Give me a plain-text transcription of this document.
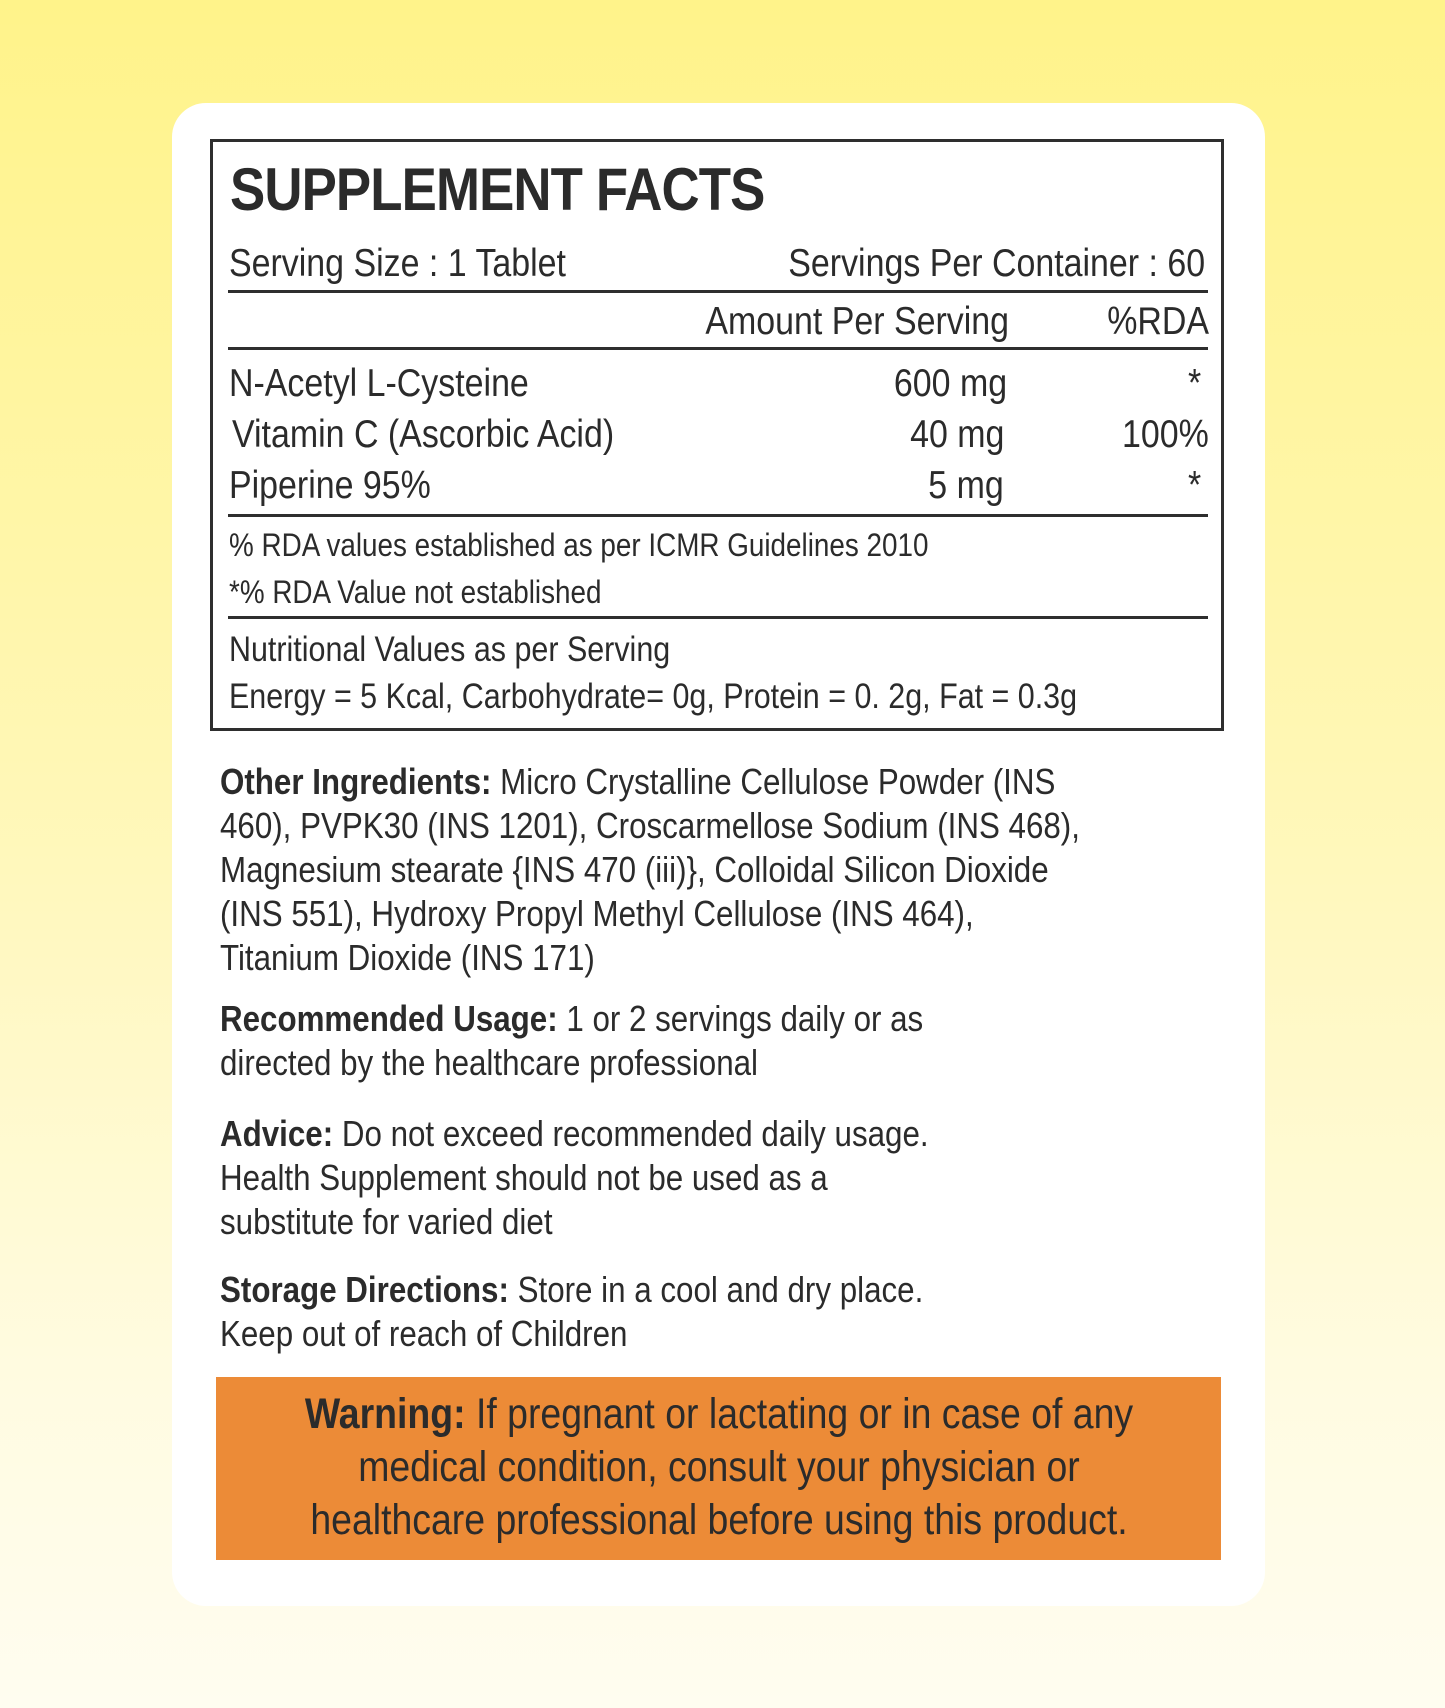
SUPPLEMENT FACTS
Serving Size : 1 Tablet	Servings Per Container : 60
Amount Per Serving	%RDA
N-Acetyl L-Cysteine	600 mg	*
Vitamin C (Ascorbic Acid)	40 mg	100%
Piperine 95%	5 mg	*
% RDA values established as per ICMR Guidelines 2010
*% RDA Value not established
Nutritional Values as per Serving
Energy = 5 Kcal, Carbohydrate= 0g, Protein = 0. 2g, Fat = 0.3g
Other Ingredients: Micro Crystalline Cellulose Powder (INS
460), PVPK30 (INS 1201), Croscarmellose Sodium (INS 468),
Magnesium stearate {INS 470 (iii)}, Colloidal Silicon Dioxide
(INS 551), Hydroxy Propyl Methyl Cellulose (INS 464),
Titanium Dioxide (INS 171)
Recommended Usage: 1 or 2 servings daily or as
directed by the healthcare professional
Advice: Do not exceed recommended daily usage.
Health Supplement should not be used as a
substitute for varied diet
Storage Directions: Store in a cool and dry place.
Keep out of reach of Children
Warning: If pregnant or lactating or in case of any
medical condition, consult your physician or
healthcare professional before using this product.
